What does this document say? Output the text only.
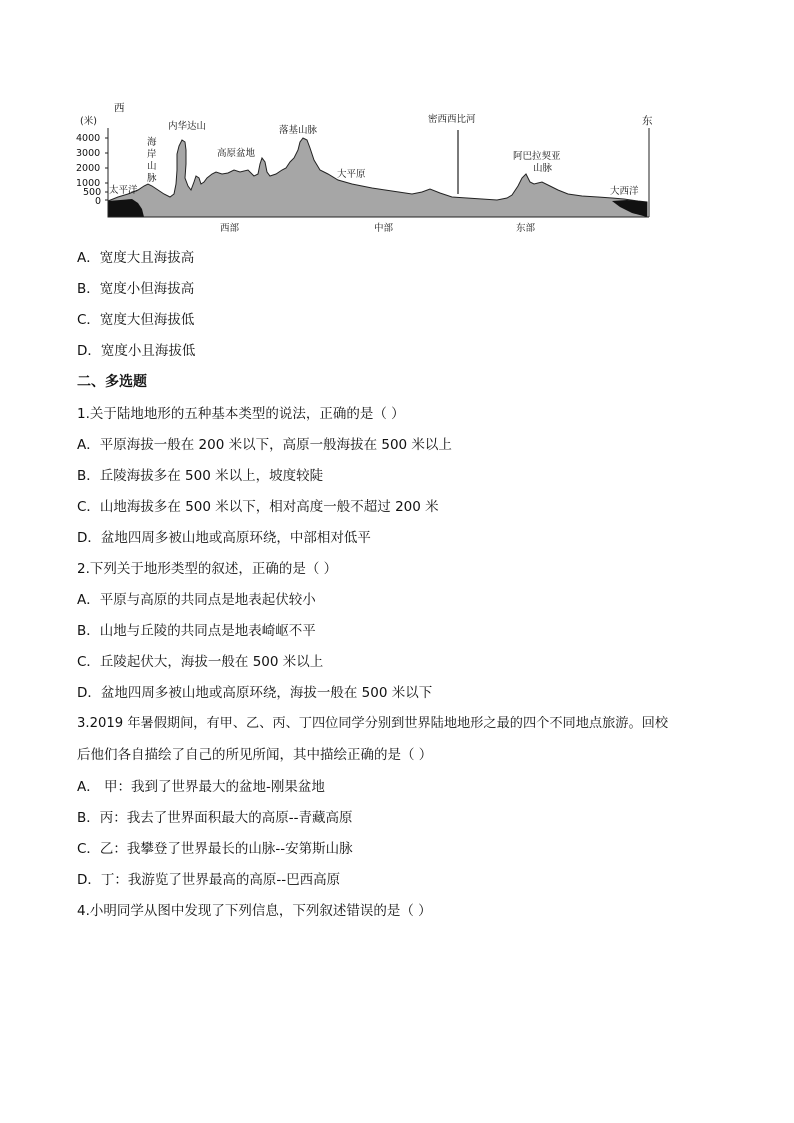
西
东
(米)
4000
3000
2000
1000
500
0
海
岸
山
脉
内华达山
高原盆地
落基山脉
密西西比河
大平原
阿巴拉契亚
山脉
太平洋	大西洋
西部	中部	东部
A．宽度大且海拔高
B．宽度小但海拔高
C．宽度大但海拔低
D．宽度小且海拔低
二、多选题
1.关于陆地地形的五种基本类型的说法，正确的是（ ）
A．平原海拔一般在 200 米以下，高原一般海拔在 500 米以上
B．丘陵海拔多在 500 米以上，坡度较陡
C．山地海拔多在 500 米以下，相对高度一般不超过 200 米
D．盆地四周多被山地或高原环绕，中部相对低平
2.下列关于地形类型的叙述，正确的是（ ）
A．平原与高原的共同点是地表起伏较小
B．山地与丘陵的共同点是地表崎岖不平
C．丘陵起伏大，海拔一般在 500 米以上
D．盆地四周多被山地或高原环绕，海拔一般在 500 米以下
3.2019 年暑假期间，有甲、乙、丙、丁四位同学分别到世界陆地地形之最的四个不同地点旅游。回校
后他们各自描绘了自己的所见所闻，其中描绘正确的是（ ）
A． 甲：我到了世界最大的盆地-刚果盆地
B．丙：我去了世界面积最大的高原--青藏高原
C．乙：我攀登了世界最长的山脉--安第斯山脉
D．丁：我游览了世界最高的高原--巴西高原
4.小明同学从图中发现了下列信息，下列叙述错误的是（ ）
